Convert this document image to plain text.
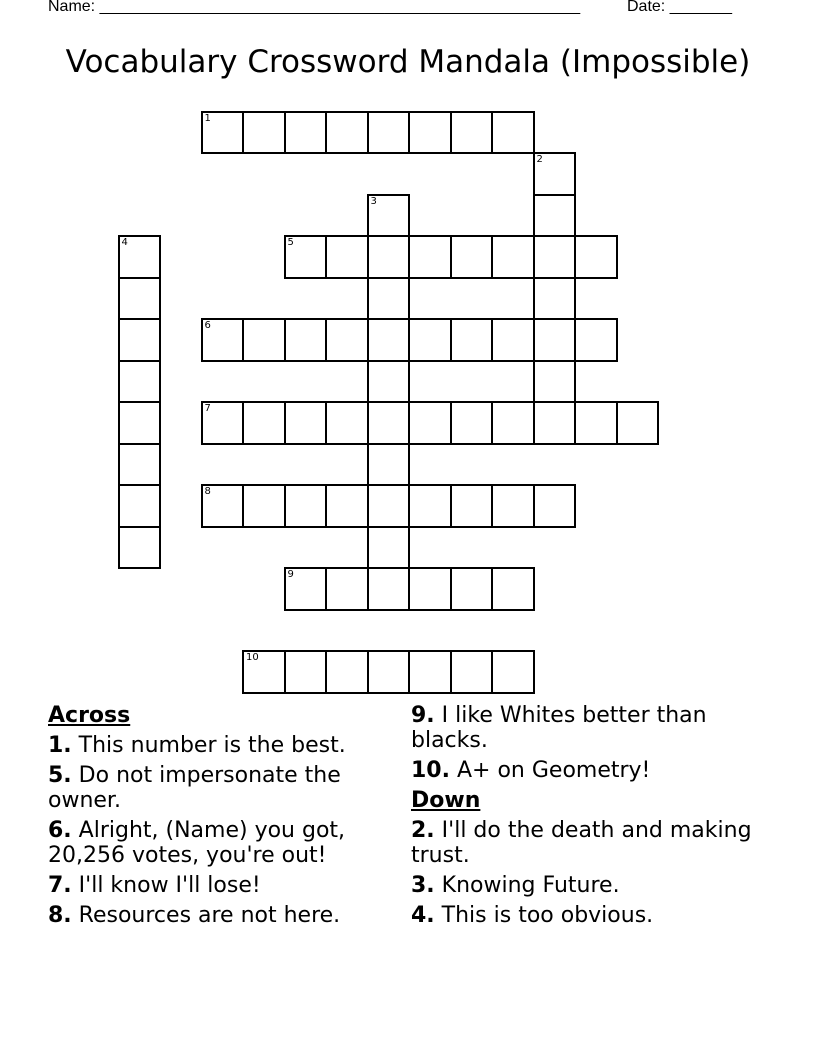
Name: ______________________________________________________	Date: _______
Vocabulary Crossword Mandala (Impossible)
1
2
3
4	5
6
7
8
9
10
Across
1. This number is the best.
5. Do not impersonate the owner.
6. Alright, (Name) you got, 20,256 votes, you're out!
7. I'll know I'll lose!
8. Resources are not here.
9. I like Whites better than blacks.
10. A+ on Geometry!
Down
2. I'll do the death and making trust.
3. Knowing Future.
4. This is too obvious.
